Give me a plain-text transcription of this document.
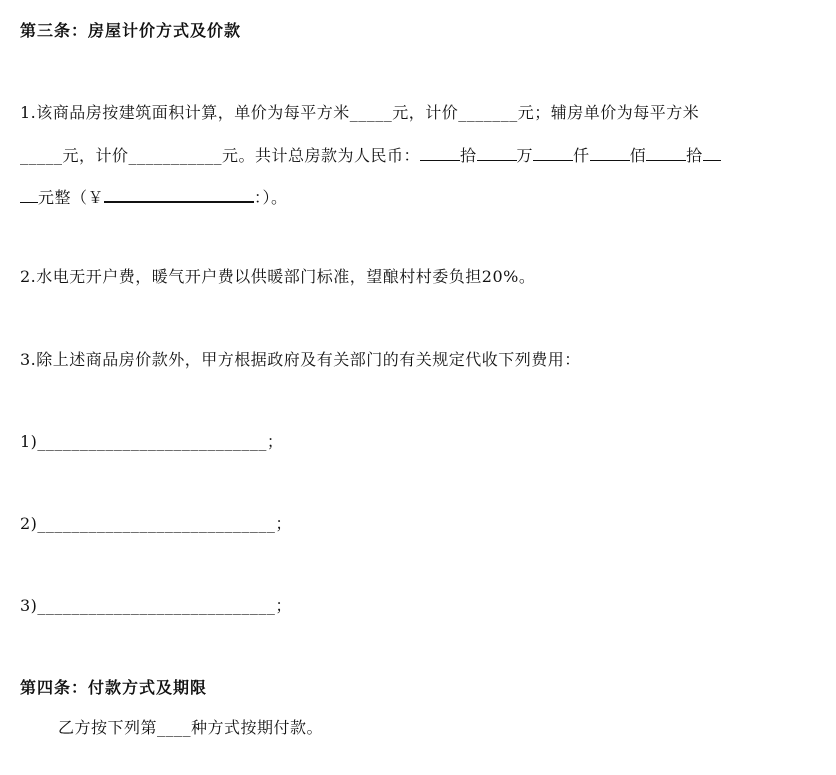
第三条：房屋计价方式及价款
1.该商品房按建筑面积计算，单价为每平方米_____元，计价_______元；辅房单价为每平方米
_____元，计价___________元。共计总房款为人民币：	拾	万	仟	佰	拾
元整（￥	：）。
2.水电无开户费，暖气开户费以供暖部门标准，望酿村村委负担20%。
3.除上述商品房价款外，甲方根据政府及有关部门的有关规定代收下列费用：
1)___________________________；
2)____________________________；
3)____________________________；
第四条：付款方式及期限
乙方按下列第____种方式按期付款。
